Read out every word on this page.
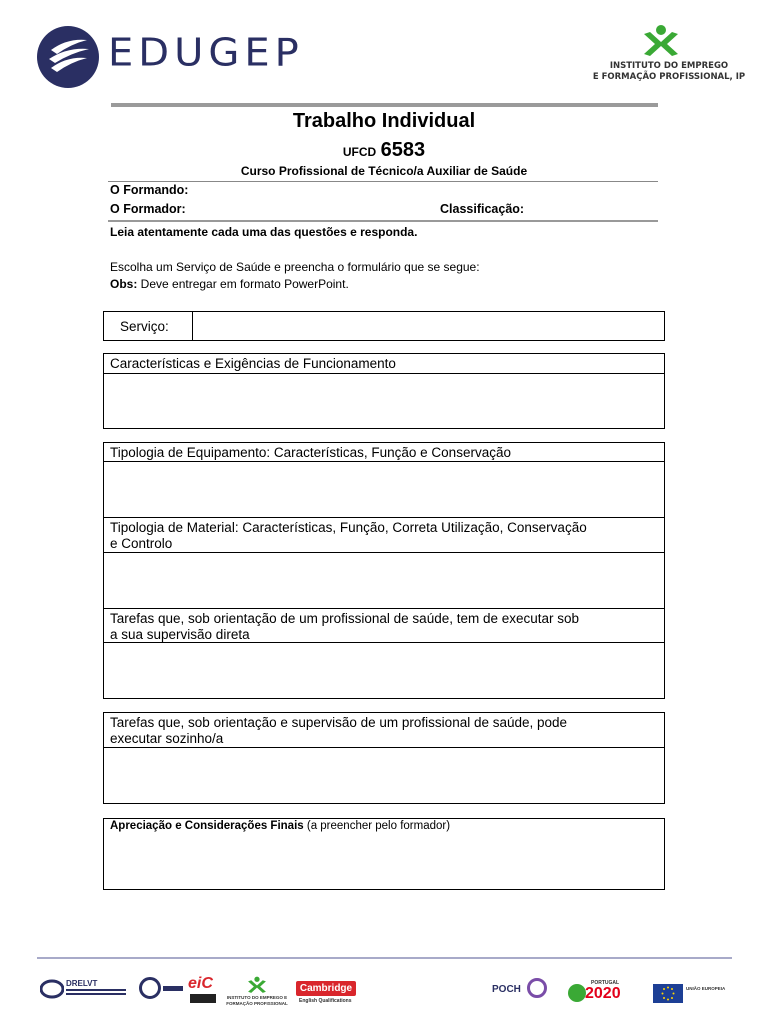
EDUGEP	INSTITUTO DO EMPREGO
E FORMAÇÃO PROFISSIONAL, IP
Trabalho Individual
UFCD 6583
Curso Profissional de Técnico/a Auxiliar de Saúde
O Formando:
O Formador:	Classificação:
Leia atentamente cada uma das questões e responda.
Escolha um Serviço de Saúde e preencha o formulário que se segue:
Obs: Deve entregar em formato PowerPoint.
Serviço:
Características e Exigências de Funcionamento
Tipologia de Equipamento: Características, Função e Conservação
Tipologia de Material: Características, Função, Correta Utilização, Conservação
e Controlo
Tarefas que, sob orientação de um profissional de saúde, tem de executar sob
a sua supervisão direta
Tarefas que, sob orientação e supervisão de um profissional de saúde, pode
executar sozinho/a
Apreciação e Considerações Finais (a preencher pelo formador)
DRELVT	eiC
INSTITUTO DO EMPREGO E FORMAÇÃO PROFISSIONAL
Cambridge
English Qualifications
POCH
PORTUGAL
2020	UNIÃO EUROPEIA
